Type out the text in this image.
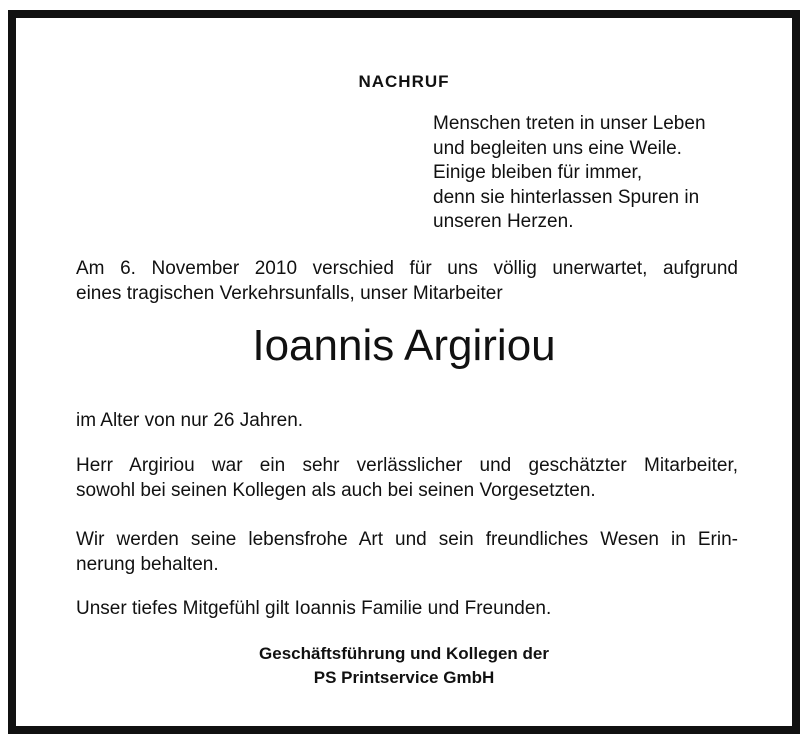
NACHRUF
Menschen treten in unser Leben
und begleiten uns eine Weile.
Einige bleiben für immer,
denn sie hinterlassen Spuren in
unseren Herzen.
Am 6. November 2010 verschied für uns völlig unerwartet, aufgrund
eines tragischen Verkehrsunfalls, unser Mitarbeiter
Ioannis Argiriou
im Alter von nur 26 Jahren.
Herr Argiriou war ein sehr verlässlicher und geschätzter Mitarbeiter,
sowohl bei seinen Kollegen als auch bei seinen Vorgesetzten.
Wir werden seine lebensfrohe Art und sein freundliches Wesen in Erin-
nerung behalten.
Unser tiefes Mitgefühl gilt Ioannis Familie und Freunden.
Geschäftsführung und Kollegen der
PS Printservice GmbH
